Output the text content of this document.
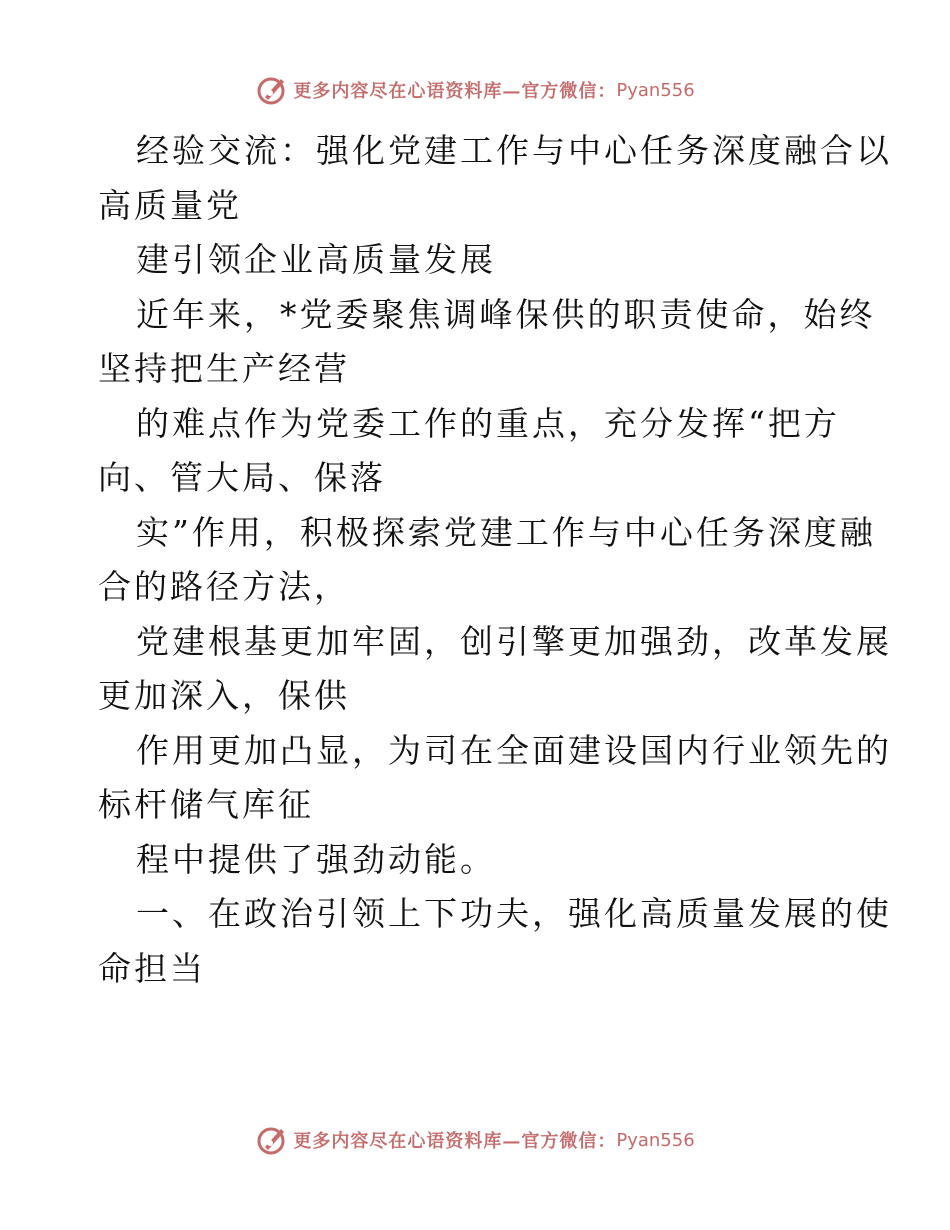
更多内容尽在心语资料库—官方微信： Pyan556

经验交流：强化党建工作与中心任务深度融合以
高质量党

建引领企业高质量发展

近年来，*党委聚焦调峰保供的职责使命，始终
坚持把生产经营

的难点作为党委工作的重点，充分发挥“把方
向、管大局、保落

实”作用，积极探索党建工作与中心任务深度融
合的路径方法，

党建根基更加牢固，创引擎更加强劲，改革发展
更加深入，保供

作用更加凸显，为司在全面建设国内行业领先的
标杆储气库征

程中提供了强劲动能。

一、在政治引领上下功夫，强化高质量发展的使
命担当

更多内容尽在心语资料库—官方微信： Pyan556
